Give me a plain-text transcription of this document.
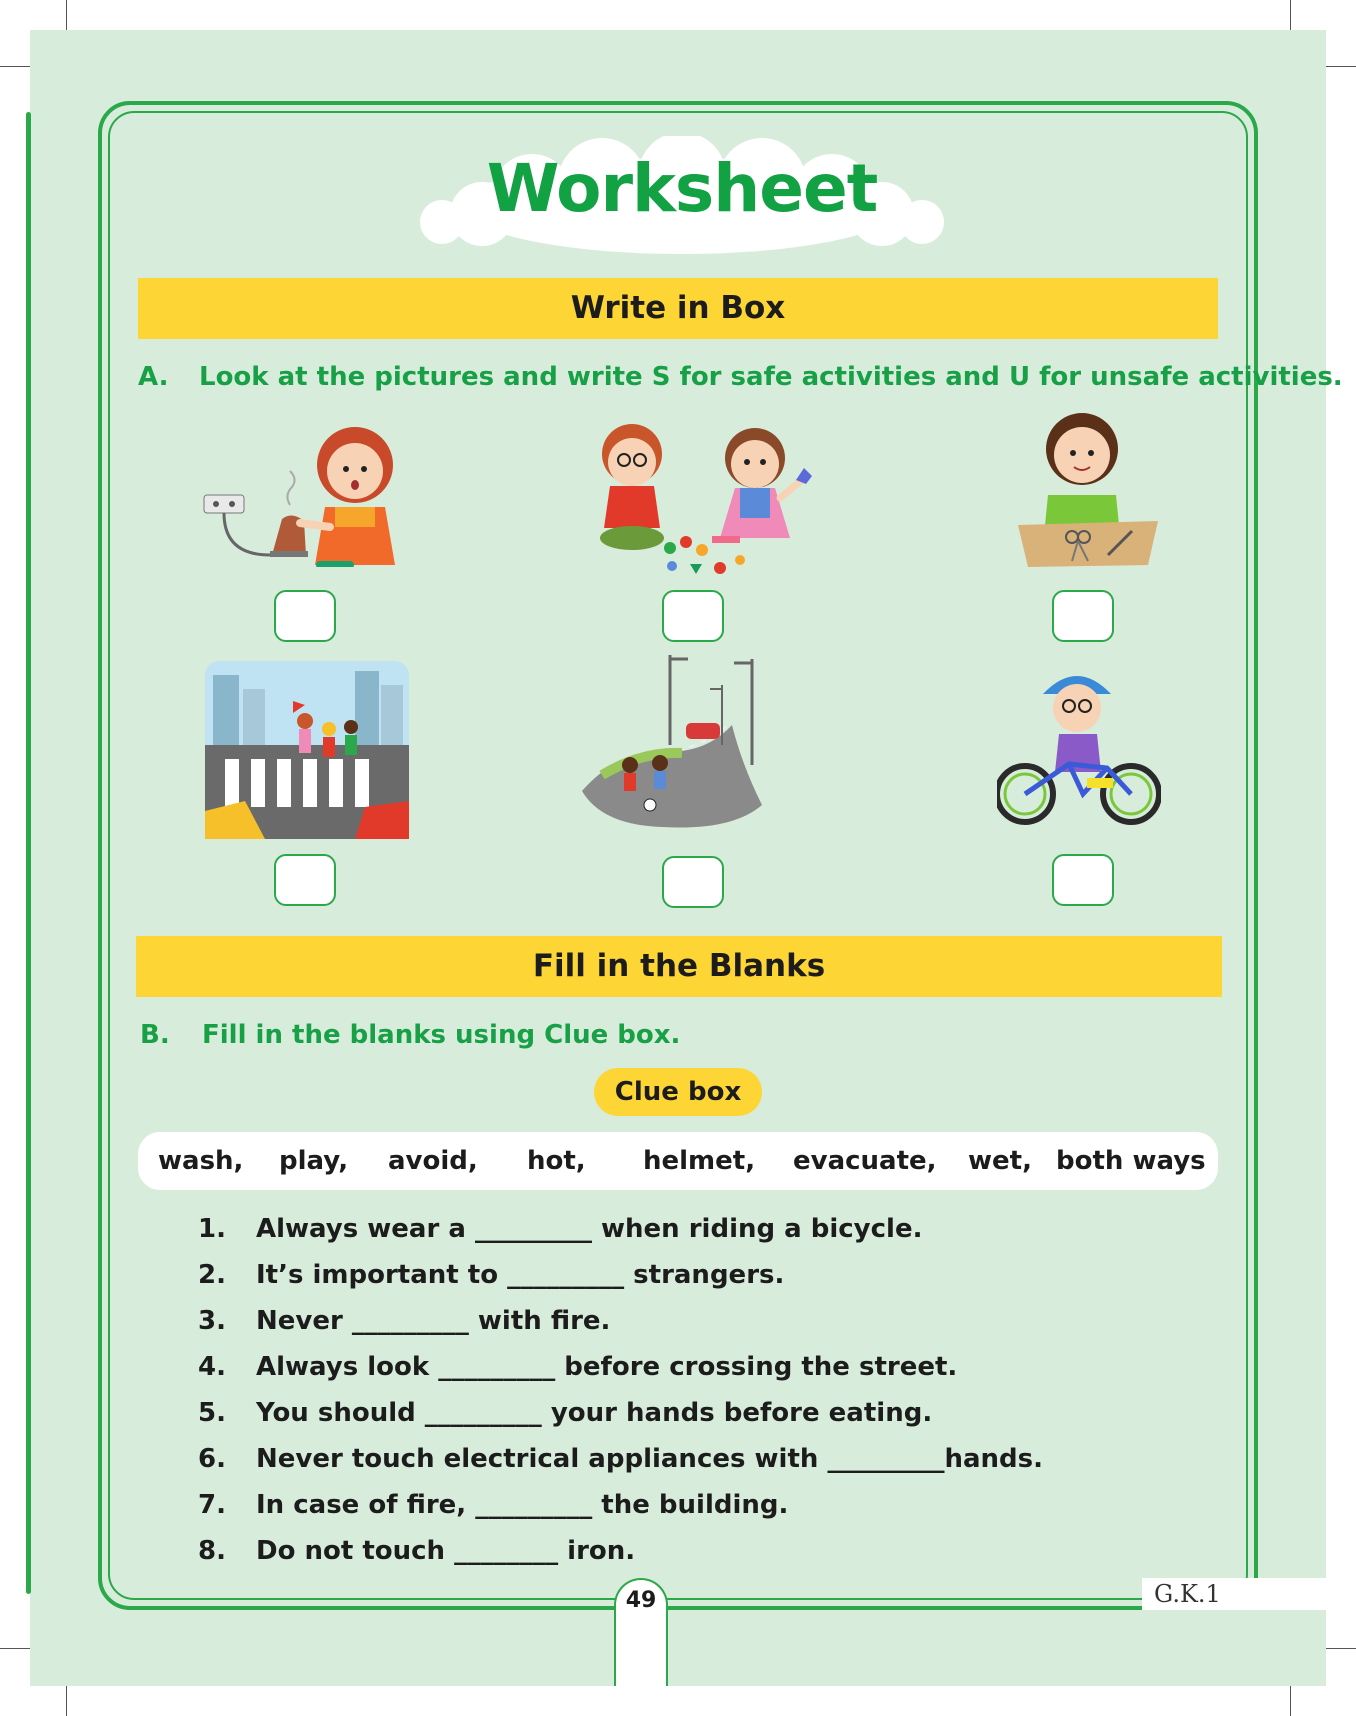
Worksheet
Write in Box
A. Look at the pictures and write S for safe activities and U for unsafe activities.
Fill in the Blanks
B. Fill in the blanks using Clue box.
Clue box
wash, play, avoid, hot, helmet, evacuate, wet, both ways
1. Always wear a _________ when riding a bicycle.
2. It’s important to _________ strangers.
3. Never _________ with fire.
4. Always look _________ before crossing the street.
5. You should _________ your hands before eating.
6. Never touch electrical appliances with _________hands.
7. In case of fire, _________ the building.
8. Do not touch ________ iron.
49	G.K.1
